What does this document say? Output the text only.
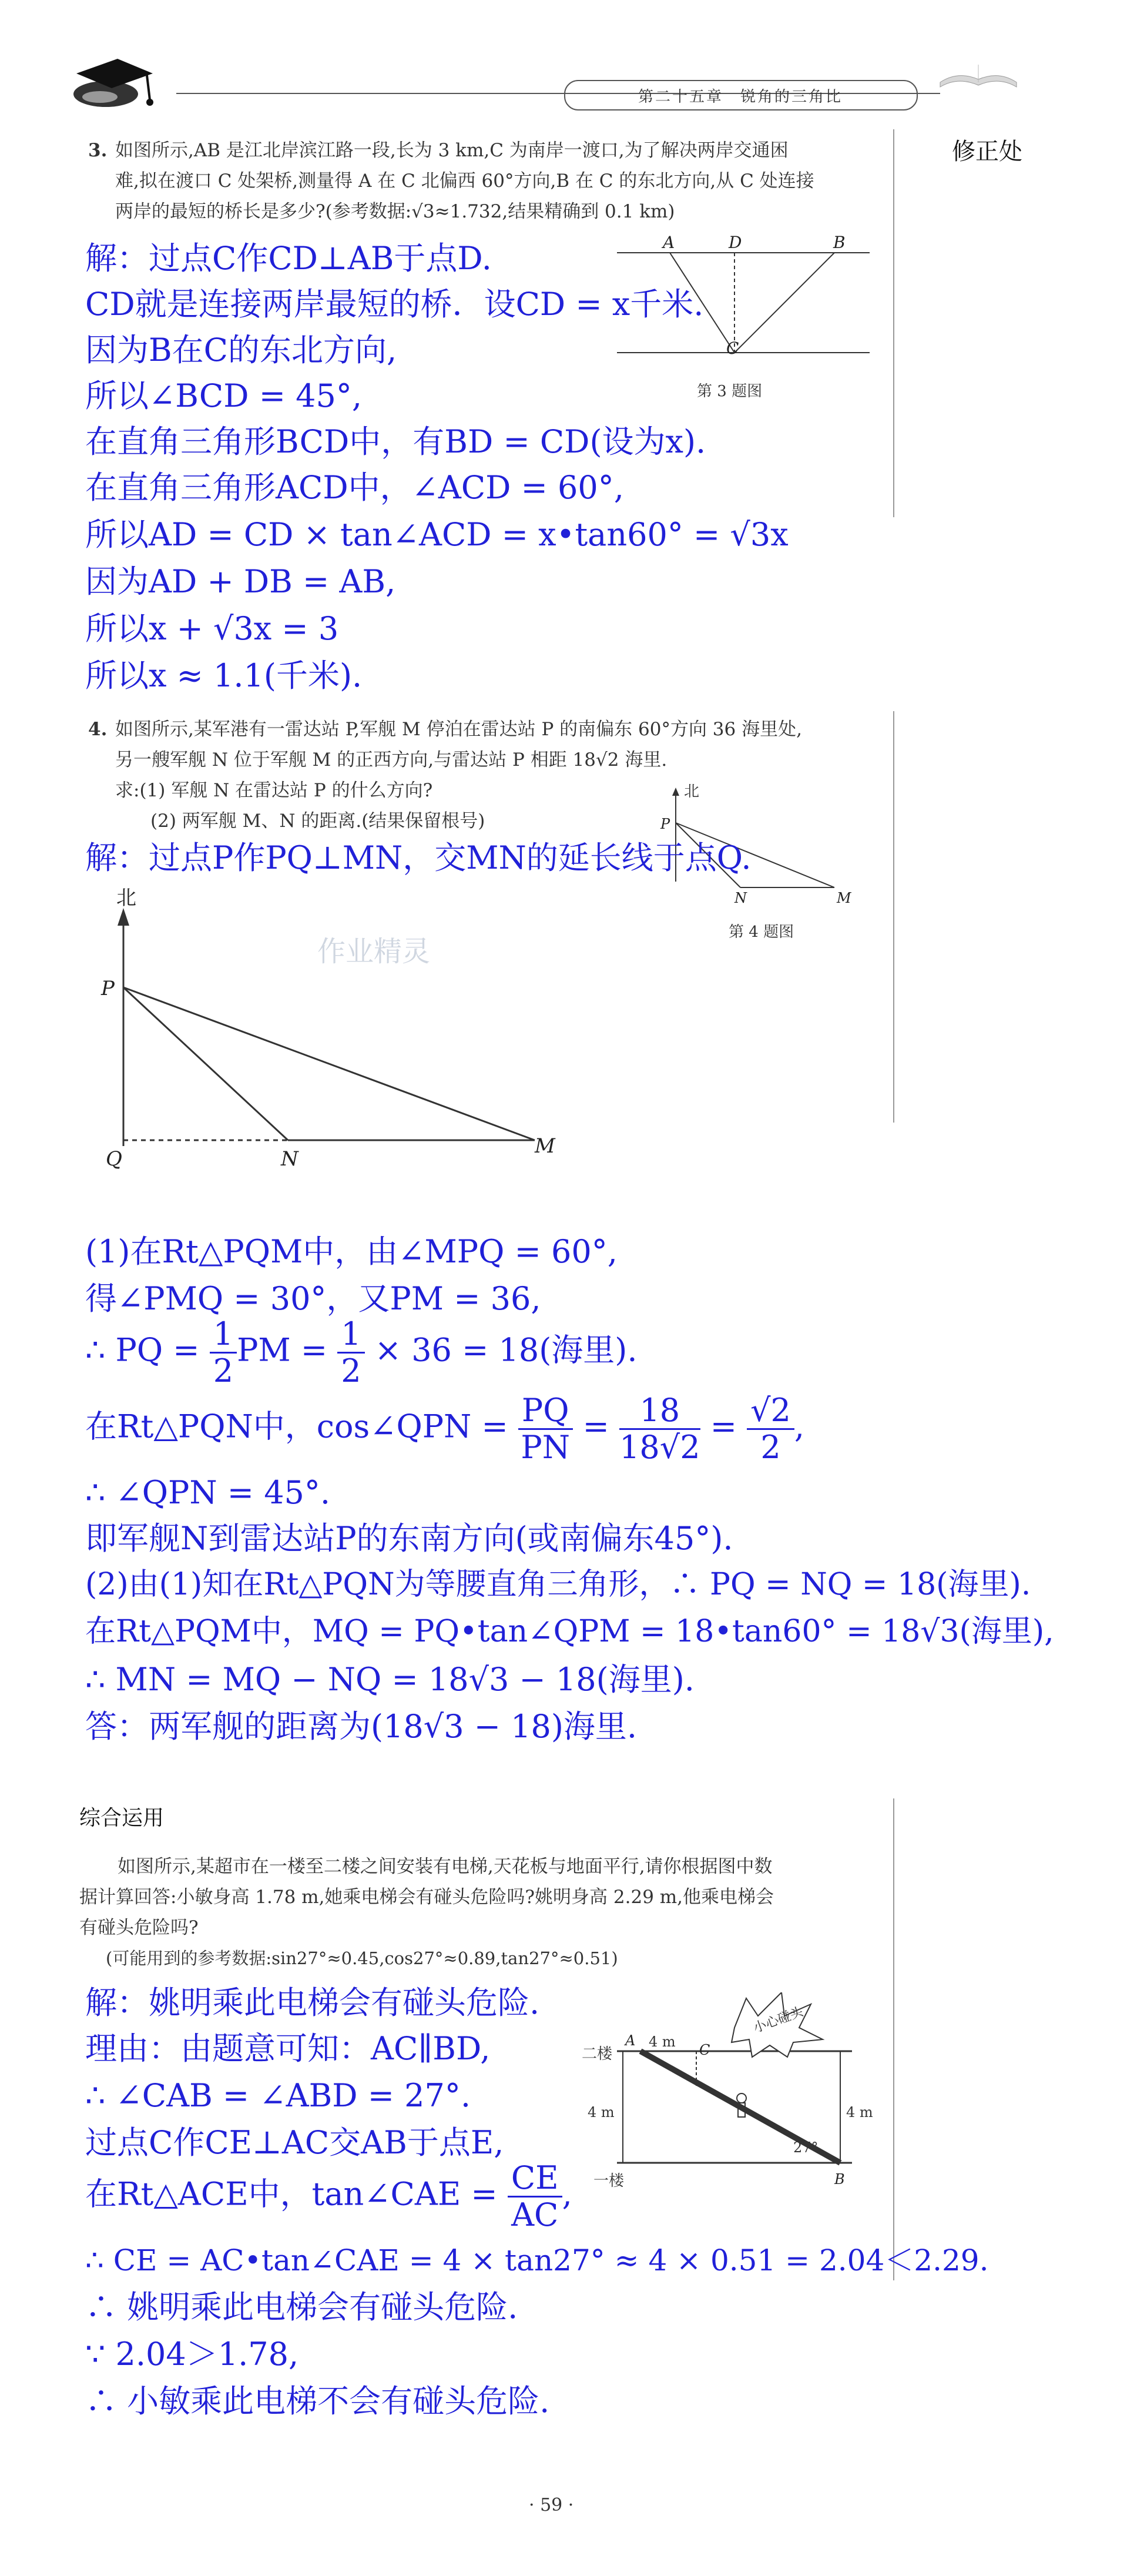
第二十五章　锐角的三角比
修正处
3. 如图所示,AB 是江北岸滨江路一段,长为 3 km,C 为南岸一渡口,为了解决两岸交通困
难,拟在渡口 C 处架桥,测量得 A 在 C 北偏西 60°方向,B 在 C 的东北方向,从 C 处连接
两岸的最短的桥长是多少?(参考数据:√3≈1.732,结果精确到 0.1 km)
A	D	B
C
第 3 题图
解：过点C作CD⊥AB于点D.
CD就是连接两岸最短的桥．设CD = x千米.
因为B在C的东北方向,
所以∠BCD = 45°,
在直角三角形BCD中，有BD = CD(设为x).
在直角三角形ACD中，∠ACD = 60°,
所以AD = CD × tan∠ACD = x•tan60° = √3x
因为AD + DB = AB,
所以x + √3x = 3
所以x ≈ 1.1(千米).
4. 如图所示,某军港有一雷达站 P,军舰 M 停泊在雷达站 P 的南偏东 60°方向 36 海里处,
另一艘军舰 N 位于军舰 M 的正西方向,与雷达站 P 相距 18√2 海里.
求:(1) 军舰 N 在雷达站 P 的什么方向?
(2) 两军舰 M、N 的距离.(结果保留根号)
北
P
N	M
第 4 题图
解：过点P作PQ⊥MN，交MN的延长线于点Q.
北
P
Q	N
M
作业精灵
(1)在Rt△PQM中，由∠MPQ = 60°,
得∠PMQ = 30°，又PM = 36,
∴ PQ = $\frac{1}{2}$ PM = $\frac{1}{2} \times 36 = 18$(海里).
在Rt△PQN中，cos∠QPN = $\frac{PQ}{PN} = \frac{18}{18√2} = \frac{√2}{2}$ ,
∴ ∠QPN = 45°.
即军舰N到雷达站P的东南方向(或南偏东45°).
(2)由(1)知在Rt△PQN为等腰直角三角形，∴ PQ = NQ = 18(海里).
在Rt△PQM中，MQ = PQ•tan∠QPM = 18•tan60° = 18√3(海里),
∴ MN = MQ − NQ = 18√3 − 18(海里).
答：两军舰的距离为(18√3 − 18)海里.
综合运用
如图所示,某超市在一楼至二楼之间安装有电梯,天花板与地面平行,请你根据图中数
据计算回答:小敏身高 1.78 m,她乘电梯会有碰头危险吗?姚明身高 2.29 m,他乘电梯会
有碰头危险吗?
(可能用到的参考数据:sin27°≈0.45,cos27°≈0.89,tan27°≈0.51)
二楼
一楼
A
C
B
4 m
4 m	4 m
27°
小心碰头
解：姚明乘此电梯会有碰头危险.
理由：由题意可知：AC∥BD,
∴ ∠CAB = ∠ABD = 27°.
过点C作CE⊥AC交AB于点E,
在Rt△ACE中，tan∠CAE = $\frac{CE}{AC}$ ,
∴ CE = AC•tan∠CAE = 4 × tan27° ≈ 4 × 0.51 = 2.04＜2.29.
∴ 姚明乘此电梯会有碰头危险.
∵ 2.04＞1.78,
∴ 小敏乘此电梯不会有碰头危险.
· 59 ·
